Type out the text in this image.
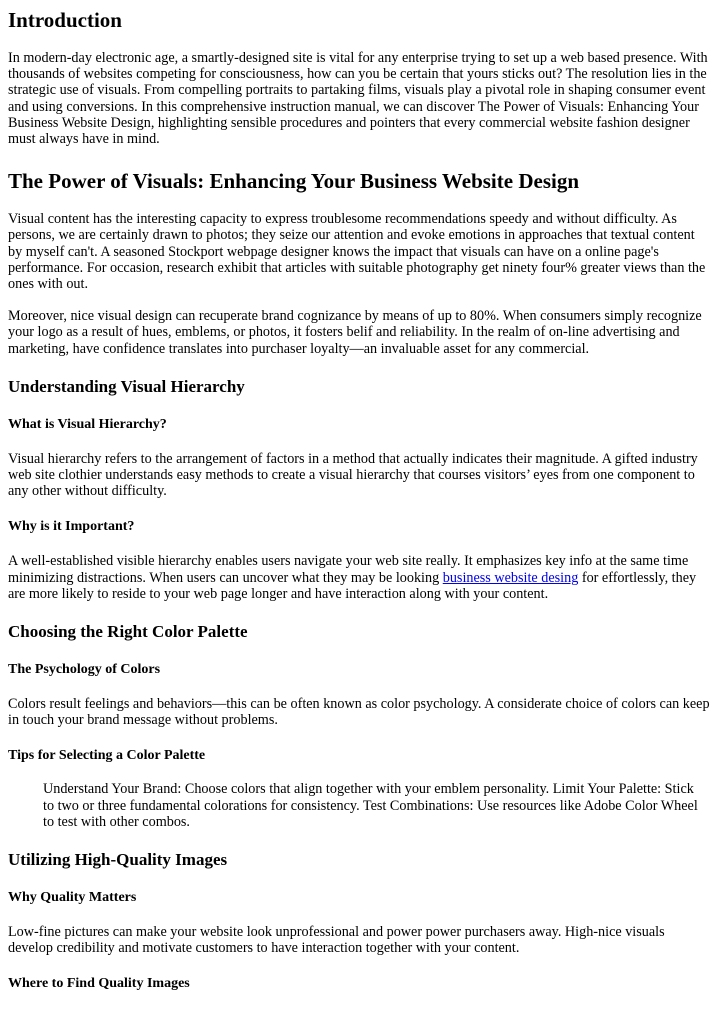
Introduction

In modern-day electronic age, a smartly-designed site is vital for any enterprise trying to set up a web based presence. With thousands of websites competing for consciousness, how can you be certain that yours sticks out? The resolution lies in the strategic use of visuals. From compelling portraits to partaking films, visuals play a pivotal role in shaping consumer event and using conversions. In this comprehensive instruction manual, we can discover The Power of Visuals: Enhancing Your Business Website Design, highlighting sensible procedures and pointers that every commercial website fashion designer must always have in mind.

The Power of Visuals: Enhancing Your Business Website Design

Visual content has the interesting capacity to express troublesome recommendations speedy and without difficulty. As persons, we are certainly drawn to photos; they seize our attention and evoke emotions in approaches that textual content by myself can't. A seasoned Stockport webpage designer knows the impact that visuals can have on a online page's performance. For occasion, research exhibit that articles with suitable photography get ninety four% greater views than the ones with out.

Moreover, nice visual design can recuperate brand cognizance by means of up to 80%. When consumers simply recognize your logo as a result of hues, emblems, or photos, it fosters belif and reliability. In the realm of on-line advertising and marketing, have confidence translates into purchaser loyalty—an invaluable asset for any commercial.

Understanding Visual Hierarchy
What is Visual Hierarchy?

Visual hierarchy refers to the arrangement of factors in a method that actually indicates their magnitude. A gifted industry web site clothier understands easy methods to create a visual hierarchy that courses visitors’ eyes from one component to any other without difficulty.

Why is it Important?

A well-established visible hierarchy enables users navigate your web site really. It emphasizes key info at the same time minimizing distractions. When users can uncover what they may be looking business website desing for effortlessly, they are more likely to reside to your web page longer and have interaction along with your content.

Choosing the Right Color Palette
The Psychology of Colors

Colors result feelings and behaviors—this can be often known as color psychology. A considerate choice of colors can keep in touch your brand message without problems.

Tips for Selecting a Color Palette
Understand Your Brand: Choose colors that align together with your emblem personality. Limit Your Palette: Stick to two or three fundamental colorations for consistency. Test Combinations: Use resources like Adobe Color Wheel to test with other combos.
Utilizing High-Quality Images
Why Quality Matters

Low-fine pictures can make your website look unprofessional and power power purchasers away. High-nice visuals develop credibility and motivate customers to have interaction together with your content.

Where to Find Quality Images
